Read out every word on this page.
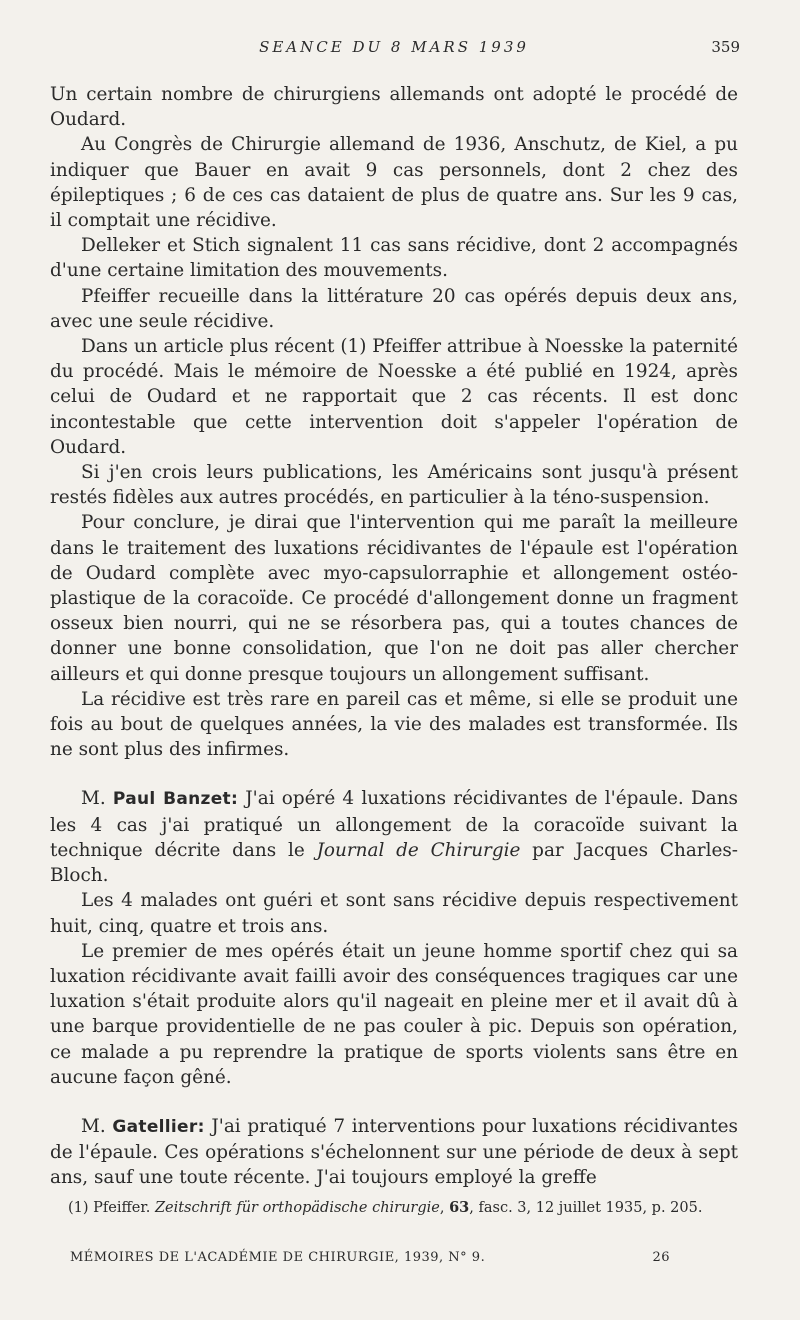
SEANCE DU 8 MARS 1939	359

Un certain nombre de chirurgiens allemands ont adopté le procédé de Oudard.

Au Congrès de Chirurgie allemand de 1936, Anschutz, de Kiel, a pu indiquer que Bauer en avait 9 cas personnels, dont 2 chez des épileptiques ; 6 de ces cas dataient de plus de quatre ans. Sur les 9 cas, il comptait une récidive.

Delleker et Stich signalent 11 cas sans récidive, dont 2 accompagnés d'une certaine limitation des mouvements.

Pfeiffer recueille dans la littérature 20 cas opérés depuis deux ans, avec une seule récidive.

Dans un article plus récent (1) Pfeiffer attribue à Noesske la paternité du procédé. Mais le mémoire de Noesske a été publié en 1924, après celui de Oudard et ne rapportait que 2 cas récents. Il est donc incontestable que cette intervention doit s'appeler l'opération de Oudard.

Si j'en crois leurs publications, les Américains sont jusqu'à présent restés fidèles aux autres procédés, en particulier à la téno-suspension.

Pour conclure, je dirai que l'intervention qui me paraît la meilleure dans le traitement des luxations récidivantes de l'épaule est l'opération de Oudard complète avec myo-capsulorraphie et allongement ostéo-plastique de la coracoïde. Ce procédé d'allongement donne un fragment osseux bien nourri, qui ne se résorbera pas, qui a toutes chances de donner une bonne consolidation, que l'on ne doit pas aller chercher ailleurs et qui donne presque toujours un allongement suffisant.

La récidive est très rare en pareil cas et même, si elle se produit une fois au bout de quelques années, la vie des malades est transformée. Ils ne sont plus des infirmes.

M. Paul Banzet: J'ai opéré 4 luxations récidivantes de l'épaule. Dans les 4 cas j'ai pratiqué un allongement de la coracoïde suivant la technique décrite dans le Journal de Chirurgie par Jacques Charles-Bloch.

Les 4 malades ont guéri et sont sans récidive depuis respectivement huit, cinq, quatre et trois ans.

Le premier de mes opérés était un jeune homme sportif chez qui sa luxation récidivante avait failli avoir des conséquences tragiques car une luxation s'était produite alors qu'il nageait en pleine mer et il avait dû à une barque providentielle de ne pas couler à pic. Depuis son opération, ce malade a pu reprendre la pratique de sports violents sans être en aucune façon gêné.

M. Gatellier: J'ai pratiqué 7 interventions pour luxations récidivantes de l'épaule. Ces opérations s'échelonnent sur une période de deux à sept ans, sauf une toute récente. J'ai toujours employé la greffe

(1) Pfeiffer. Zeitschrift für orthopädische chirurgie, 63, fasc. 3, 12 juillet 1935, p. 205.

MÉMOIRES DE L'ACADÉMIE DE CHIRURGIE, 1939, N° 9.	26
